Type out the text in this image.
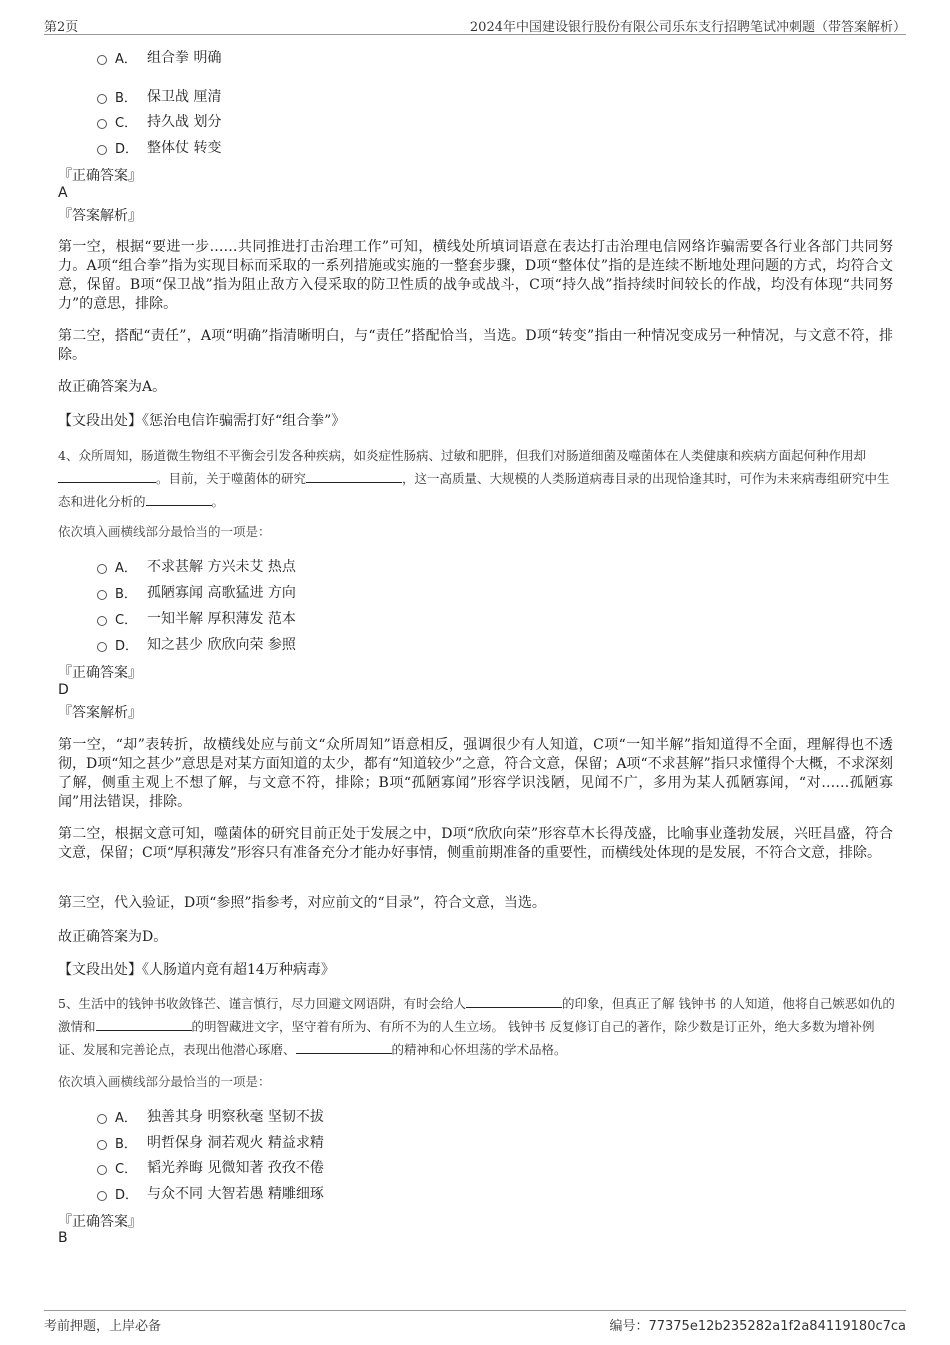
第2页	2024年中国建设银行股份有限公司乐东支行招聘笔试冲刺题（带答案解析）
A． 组合拳 明确
B． 保卫战 厘清
C． 持久战 划分
D． 整体仗 转变
『正确答案』
A
『答案解析』
第一空，根据“要进一步……共同推进打击治理工作”可知，横线处所填词语意在表达打击治理电信网络诈骗需要各行业各部门共同努力。A项“组合拳”指为实现目标而采取的一系列措施或实施的一整套步骤，D项“整体仗”指的是连续不断地处理问题的方式，均符合文意，保留。B项“保卫战”指为阻止敌方入侵采取的防卫性质的战争或战斗，C项“持久战”指持续时间较长的作战，均没有体现“共同努力”的意思，排除。
第二空，搭配“责任”，A项“明确”指清晰明白，与“责任”搭配恰当，当选。D项“转变”指由一种情况变成另一种情况，与文意不符，排除。
故正确答案为A。
【文段出处】《惩治电信诈骗需打好“组合拳”》
4、众所周知，肠道微生物组不平衡会引发各种疾病，如炎症性肠病、过敏和肥胖，但我们对肠道细菌及噬菌体在人类健康和疾病方面起何种作用却。目前，关于噬菌体的研究	，这一高质量、大规模的人类肠道病毒目录的出现恰逢其时，可作为未来病毒组研究中生态和进化分析的	。
依次填入画横线部分最恰当的一项是：
A． 不求甚解 方兴未艾 热点
B． 孤陋寡闻 高歌猛进 方向
C． 一知半解 厚积薄发 范本
D． 知之甚少 欣欣向荣 参照
『正确答案』
D
『答案解析』
第一空，“却”表转折，故横线处应与前文“众所周知”语意相反，强调很少有人知道，C项“一知半解”指知道得不全面，理解得也不透彻，D项“知之甚少”意思是对某方面知道的太少，都有“知道较少”之意，符合文意，保留；A项“不求甚解”指只求懂得个大概，不求深刻了解，侧重主观上不想了解，与文意不符，排除；B项“孤陋寡闻”形容学识浅陋，见闻不广，多用为某人孤陋寡闻，“对……孤陋寡闻”用法错误，排除。
第二空，根据文意可知，噬菌体的研究目前正处于发展之中，D项“欣欣向荣”形容草木长得茂盛，比喻事业蓬勃发展，兴旺昌盛，符合文意，保留；C项“厚积薄发”形容只有准备充分才能办好事情，侧重前期准备的重要性，而横线处体现的是发展，不符合文意，排除。
第三空，代入验证，D项“参照”指参考，对应前文的“目录”，符合文意，当选。
故正确答案为D。
【文段出处】《人肠道内竟有超14万种病毒》
5、生活中的钱钟书收敛锋芒、谨言慎行，尽力回避文网语阱，有时会给人	的印象，但真正了解 钱钟书 的人知道，他将自己嫉恶如仇的激情和	的明智藏进文字，坚守着有所为、有所不为的人生立场。 钱钟书 反复修订自己的著作，除少数是订正外，绝大多数为增补例证、发展和完善论点，表现出他潜心琢磨、	的精神和心怀坦荡的学术品格。
依次填入画横线部分最恰当的一项是：
A． 独善其身 明察秋毫 坚韧不拔
B． 明哲保身 洞若观火 精益求精
C． 韬光养晦 见微知著 孜孜不倦
D． 与众不同 大智若愚 精雕细琢
『正确答案』
B
考前押题，上岸必备	编号：77375e12b235282a1f2a84119180c7ca
